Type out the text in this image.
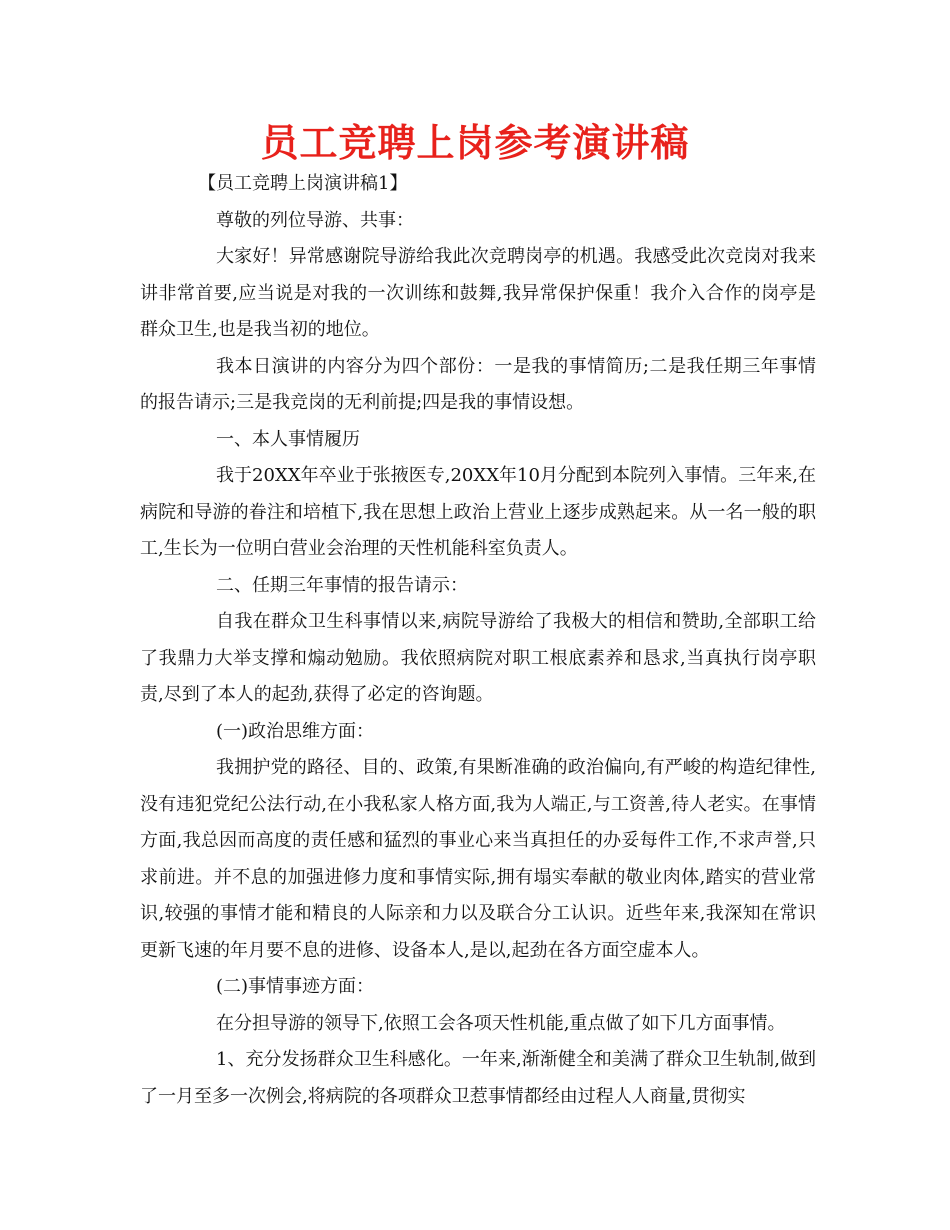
员工竞聘上岗参考演讲稿

【员工竞聘上岗演讲稿1】

尊敬的列位导游、共事：

大家好！异常感谢院导游给我此次竞聘岗亭的机遇。我感受此次竞岗对我来讲非常首要,应当说是对我的一次训练和鼓舞,我异常保护保重！我介入合作的岗亭是群众卫生,也是我当初的地位。

我本日演讲的内容分为四个部份：一是我的事情简历;二是我任期三年事情的报告请示;三是我竞岗的无利前提;四是我的事情设想。

一、本人事情履历

我于20XX年卒业于张掖医专,20XX年10月分配到本院列入事情。三年来,在病院和导游的眷注和培植下,我在思想上政治上营业上逐步成熟起来。从一名一般的职工,生长为一位明白营业会治理的天性机能科室负责人。

二、任期三年事情的报告请示：

自我在群众卫生科事情以来,病院导游给了我极大的相信和赞助,全部职工给了我鼎力大举支撑和煽动勉励。我依照病院对职工根底素养和恳求,当真执行岗亭职责,尽到了本人的起劲,获得了必定的咨询题。

(一)政治思维方面：

我拥护党的路径、目的、政策,有果断准确的政治偏向,有严峻的构造纪律性,没有违犯党纪公法行动,在小我私家人格方面,我为人端正,与工资善,待人老实。在事情方面,我总因而高度的责任感和猛烈的事业心来当真担任的办妥每件工作,不求声誉,只求前进。并不息的加强进修力度和事情实际,拥有塌实奉献的敬业肉体,踏实的营业常识,较强的事情才能和精良的人际亲和力以及联合分工认识。近些年来,我深知在常识更新飞速的年月要不息的进修、设备本人,是以,起劲在各方面空虚本人。

(二)事情事迹方面：

在分担导游的领导下,依照工会各项天性机能,重点做了如下几方面事情。

1、充分发扬群众卫生科感化。一年来,渐渐健全和美满了群众卫生轨制,做到了一月至多一次例会,将病院的各项群众卫惹事情都经由过程人人商量,贯彻实
